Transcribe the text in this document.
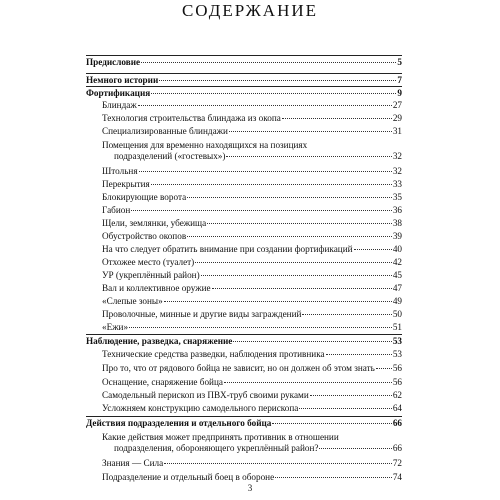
СОДЕРЖАНИЕ
Предисловие	5
Немного истории	7
Фортификация	9
Блиндаж	27
Технология строительства блиндажа из окопа	29
Специализированные блиндажи	31
Помещения для временно находящихся на позициях
подразделений («гостевых»)	32
Штольня	32
Перекрытия	33
Блокирующие ворота	35
Габион	36
Щели, землянки, убежища	38
Обустройство окопов	39
На что следует обратить внимание при создании фортификаций	40
Отхожее место (туалет)	42
УР (укреплённый район)	45
Вал и коллективное оружие	47
«Слепые зоны»	49
Проволочные, минные и другие виды заграждений	50
«Ежи»	51
Наблюдение, разведка, снаряжение	53
Технические средства разведки, наблюдения противника	53
Про то, что от рядового бойца не зависит, но он должен об этом знать 56
Оснащение, снаряжение бойца	56
Самодельный перископ из ПВХ-труб своими руками	62
Усложняем конструкцию самодельного перископа	64
Действия подразделения и отдельного бойца	66
Какие действия может предпринять противник в отношении
подразделения, обороняющего укреплённый район?	66
Знания — Сила	72
Подразделение и отдельный боец в обороне	74
3
